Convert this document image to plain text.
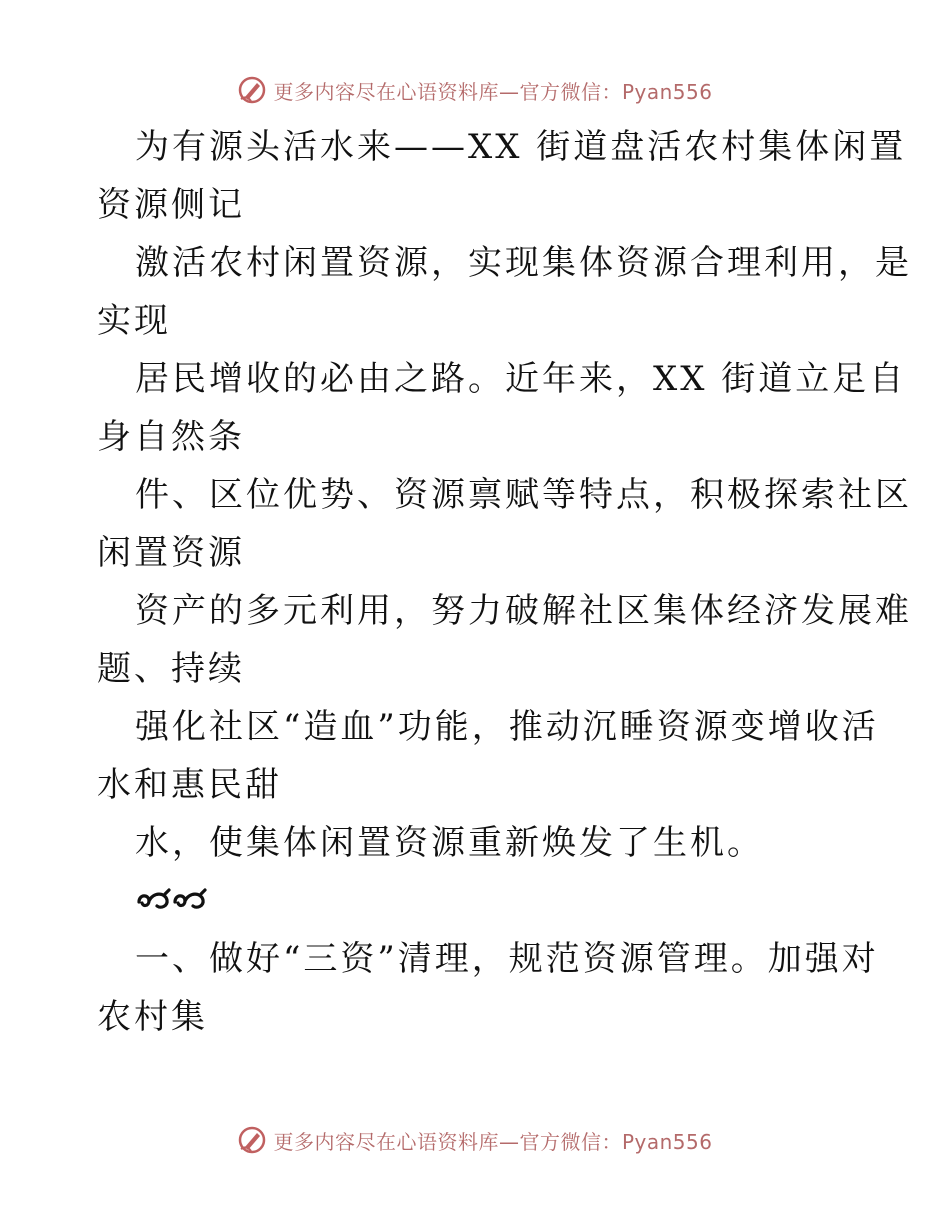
更多内容尽在心语资料库—官方微信：Pyan556
为有源头活水来——XX 街道盘活农村集体闲置
资源侧记
激活农村闲置资源，实现集体资源合理利用，是
实现
居民增收的必由之路。近年来，XX 街道立足自
身自然条
件、区位优势、资源禀赋等特点，积极探索社区
闲置资源
资产的多元利用，努力破解社区集体经济发展难
题、持续
强化社区“造血”功能，推动沉睡资源变增收活
水和惠民甜
水，使集体闲置资源重新焕发了生机。
一、做好“三资”清理，规范资源管理。加强对
农村集
更多内容尽在心语资料库—官方微信：Pyan556
